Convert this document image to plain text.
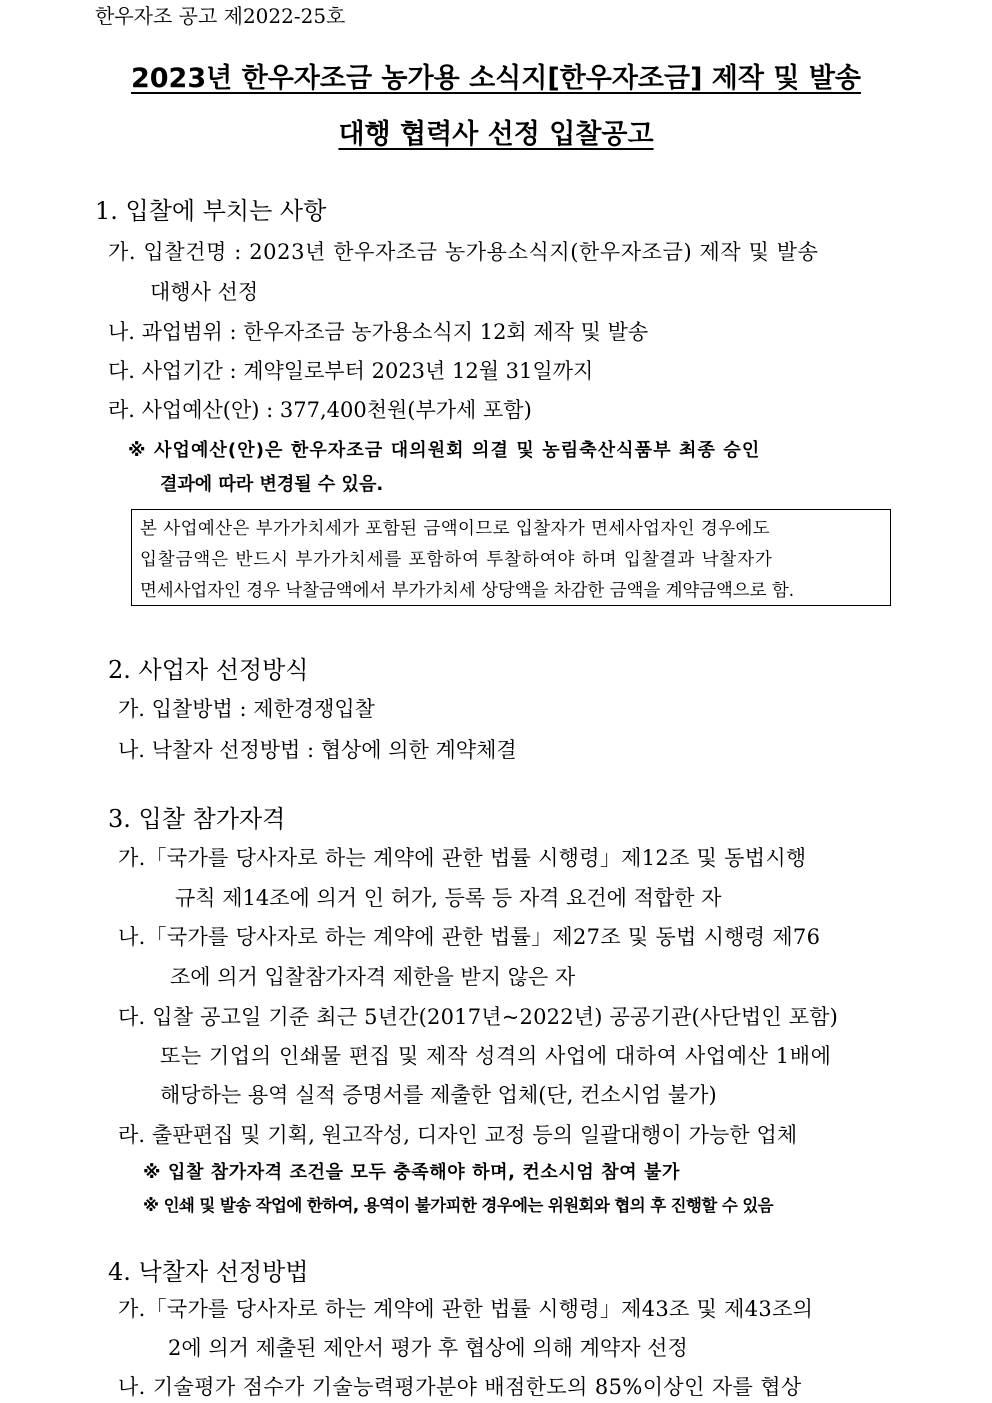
한우자조 공고 제2022-25호
2023년 한우자조금 농가용 소식지[한우자조금] 제작 및 발송
대행 협력사 선정 입찰공고
1. 입찰에 부치는 사항
가. 입찰건명 : 2023년 한우자조금 농가용소식지(한우자조금) 제작 및 발송
대행사 선정
나. 과업범위 : 한우자조금 농가용소식지 12회 제작 및 발송
다. 사업기간 : 계약일로부터 2023년 12월 31일까지
라. 사업예산(안) : 377,400천원(부가세 포함)
※ 사업예산(안)은 한우자조금 대의원회 의결 및 농림축산식품부 최종 승인
결과에 따라 변경될 수 있음.
본 사업예산은 부가가치세가 포함된 금액이므로 입찰자가 면세사업자인 경우에도
입찰금액은 반드시 부가가치세를 포함하여 투찰하여야 하며 입찰결과 낙찰자가
면세사업자인 경우 낙찰금액에서 부가가치세 상당액을 차감한 금액을 계약금액으로 함.
2. 사업자 선정방식
가. 입찰방법 : 제한경쟁입찰
나. 낙찰자 선정방법 : 협상에 의한 계약체결
3. 입찰 참가자격
가.「국가를 당사자로 하는 계약에 관한 법률 시행령」제12조 및 동법시행
규칙 제14조에 의거 인 허가, 등록 등 자격 요건에 적합한 자
나.「국가를 당사자로 하는 계약에 관한 법률」제27조 및 동법 시행령 제76
조에 의거 입찰참가자격 제한을 받지 않은 자
다. 입찰 공고일 기준 최근 5년간(2017년~2022년) 공공기관(사단법인 포함)
또는 기업의 인쇄물 편집 및 제작 성격의 사업에 대하여 사업예산 1배에
해당하는 용역 실적 증명서를 제출한 업체(단, 컨소시엄 불가)
라. 출판편집 및 기획, 원고작성, 디자인 교정 등의 일괄대행이 가능한 업체
※ 입찰 참가자격 조건을 모두 충족해야 하며, 컨소시엄 참여 불가
※ 인쇄 및 발송 작업에 한하여, 용역이 불가피한 경우에는 위원회와 협의 후 진행할 수 있음
4. 낙찰자 선정방법
가.「국가를 당사자로 하는 계약에 관한 법률 시행령」제43조 및 제43조의
2에 의거 제출된 제안서 평가 후 협상에 의해 계약자 선정
나. 기술평가 점수가 기술능력평가분야 배점한도의 85%이상인 자를 협상
